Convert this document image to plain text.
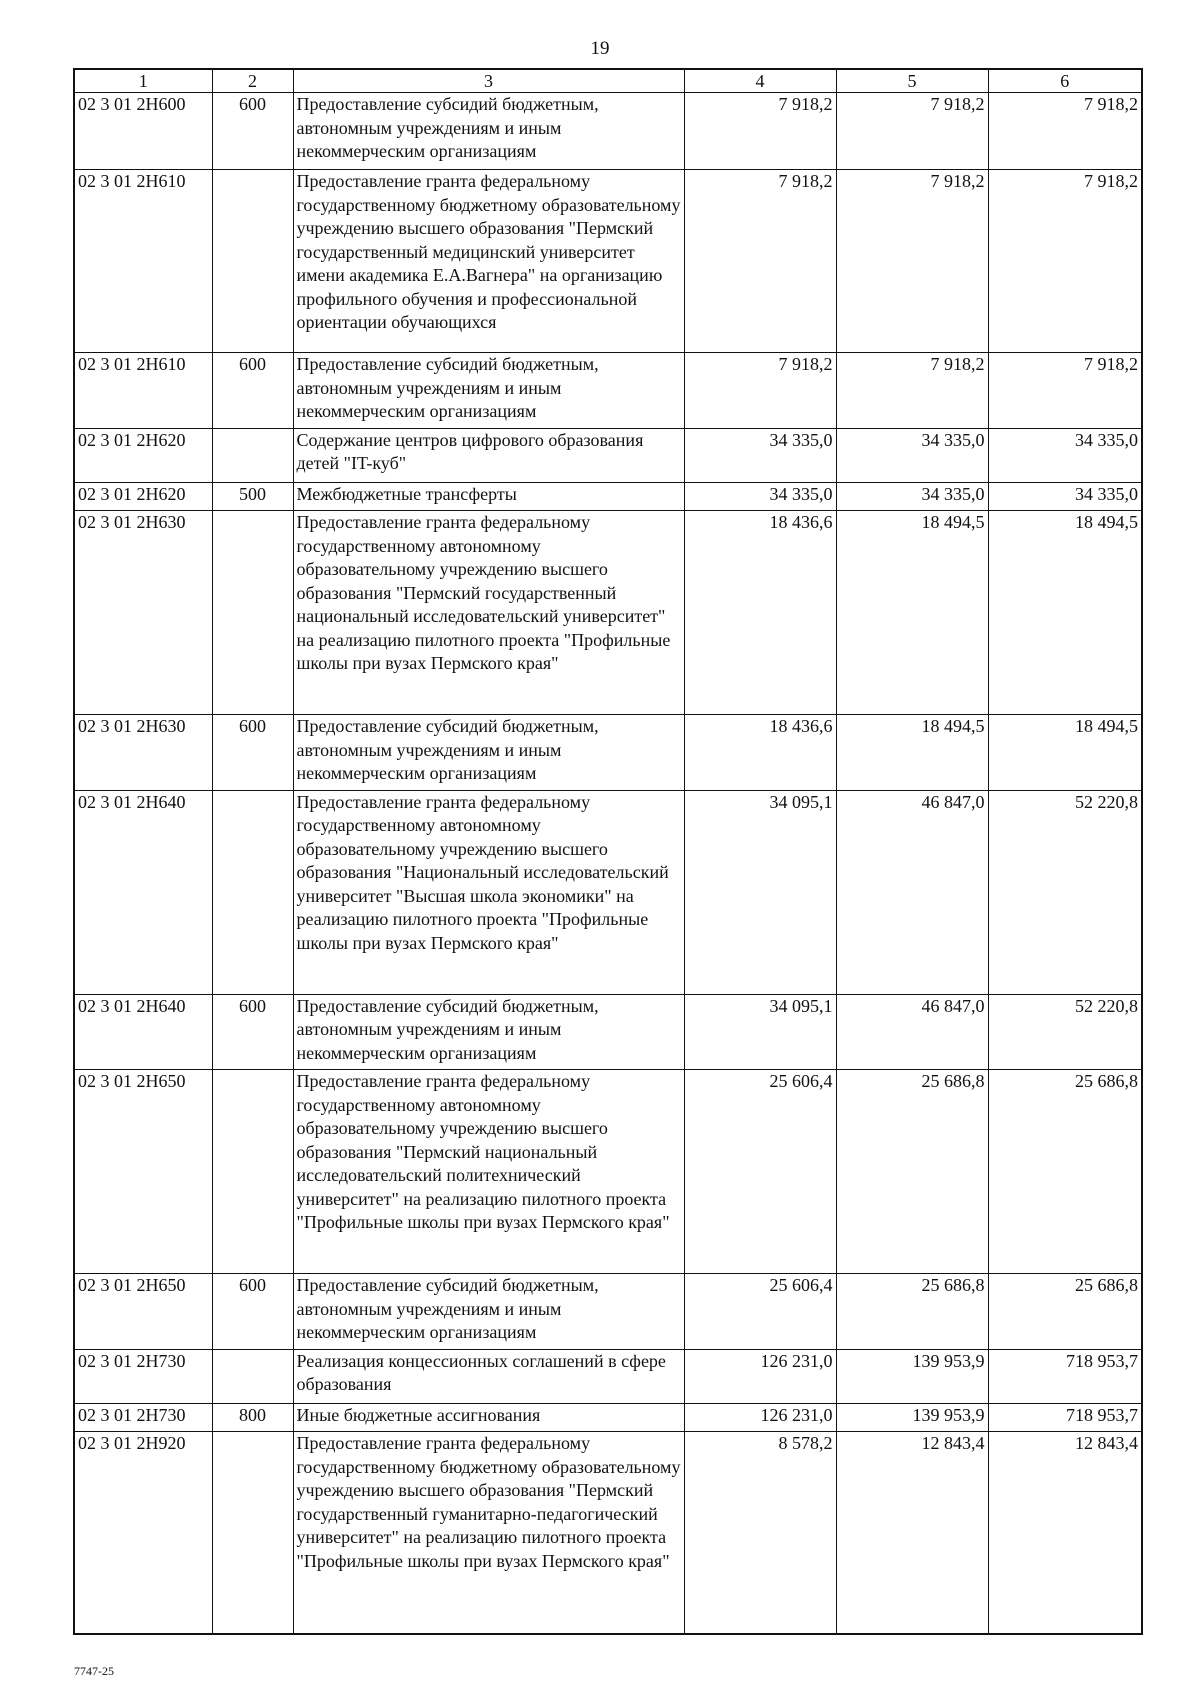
19
1	2	3	4	5	6
02 3 01 2Н600	600	Предоставление субсидий бюджетным, автономным учреждениям и иным некоммерческим организациям	7 918,2	7 918,2	7 918,2
02 3 01 2Н610		Предоставление гранта федеральному государственному бюджетному образовательному учреждению высшего образования "Пермский государственный медицинский университет имени академика Е.А.Вагнера" на организацию профильного обучения и профессиональной ориентации обучающихся	7 918,2	7 918,2	7 918,2
02 3 01 2Н610	600	Предоставление субсидий бюджетным, автономным учреждениям и иным некоммерческим организациям	7 918,2	7 918,2	7 918,2
02 3 01 2Н620		Содержание центров цифрового образования детей "IT-куб"	34 335,0	34 335,0	34 335,0
02 3 01 2Н620	500	Межбюджетные трансферты	34 335,0	34 335,0	34 335,0
02 3 01 2Н630		Предоставление гранта федеральному государственному автономному образовательному учреждению высшего образования "Пермский государственный национальный исследовательский университет" на реализацию пилотного проекта "Профильные школы при вузах Пермского края"	18 436,6	18 494,5	18 494,5
02 3 01 2Н630	600	Предоставление субсидий бюджетным, автономным учреждениям и иным некоммерческим организациям	18 436,6	18 494,5	18 494,5
02 3 01 2Н640		Предоставление гранта федеральному государственному автономному образовательному учреждению высшего образования "Национальный исследовательский университет "Высшая школа экономики" на реализацию пилотного проекта "Профильные школы при вузах Пермского края"	34 095,1	46 847,0	52 220,8
02 3 01 2Н640	600	Предоставление субсидий бюджетным, автономным учреждениям и иным некоммерческим организациям	34 095,1	46 847,0	52 220,8
02 3 01 2Н650		Предоставление гранта федеральному государственному автономному образовательному учреждению высшего образования "Пермский национальный исследовательский политехнический университет" на реализацию пилотного проекта "Профильные школы при вузах Пермского края"	25 606,4	25 686,8	25 686,8
02 3 01 2Н650	600	Предоставление субсидий бюджетным, автономным учреждениям и иным некоммерческим организациям	25 606,4	25 686,8	25 686,8
02 3 01 2Н730		Реализация концессионных соглашений в сфере образования	126 231,0	139 953,9	718 953,7
02 3 01 2Н730	800	Иные бюджетные ассигнования	126 231,0	139 953,9	718 953,7
02 3 01 2Н920		Предоставление гранта федеральному государственному бюджетному образовательному учреждению высшего образования "Пермский государственный гуманитарно-педагогический университет" на реализацию пилотного проекта "Профильные школы при вузах Пермского края"	8 578,2	12 843,4	12 843,4
7747-25
